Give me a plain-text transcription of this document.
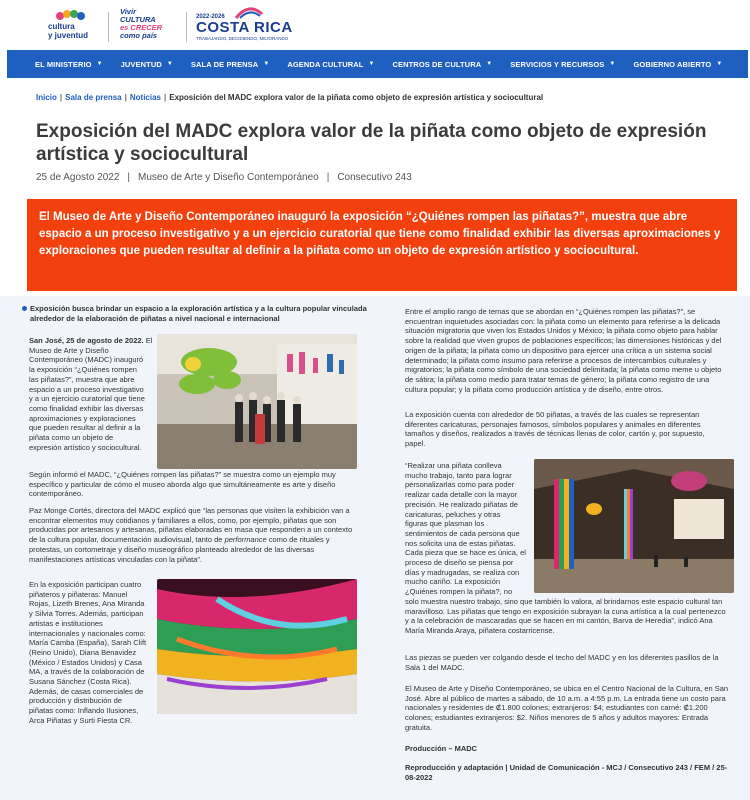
cultura
y juventud
Vivir
CULTURA
es CRECER
como país
2022-2026
COSTA RICA
TRABAJANDO, DECIDIENDO, MEJORANDO
EL MINISTERIO ▼ JUVENTUD ▼ SALA DE PRENSA ▼ AGENDA CULTURAL ▼ CENTROS DE CULTURA ▼ SERVICIOS Y RECURSOS ▼ GOBIERNO ABIERTO ▼
Inicio | Sala de prensa | Noticias | Exposición del MADC explora valor de la piñata como objeto de expresión artística y sociocultural
Exposición del MADC explora valor de la piñata como objeto de expresión artística y sociocultural
25 de Agosto 2022 | Museo de Arte y Diseño Contemporáneo | Consecutivo 243
El Museo de Arte y Diseño Contemporáneo inauguró la exposición “¿Quiénes rompen las piñatas?”, muestra que abre espacio a un proceso investigativo y a un ejercicio curatorial que tiene como finalidad exhibir las diversas aproximaciones y exploraciones que pueden resultar al definir a la piñata como un objeto de expresión artístico y sociocultural.
Exposición busca brindar un espacio a la exploración artística y a la cultura popular vinculada alrededor de la elaboración de piñatas a nivel nacional e internacional
San José, 25 de agosto de 2022. El
Museo de Arte y Diseño
Contemporáneo (MADC) inauguró
la exposición “¿Quiénes rompen
las piñatas?”, muestra que abre
espacio a un proceso investigativo
y a un ejercicio curatorial que tiene
como finalidad exhibir las diversas
aproximaciones y exploraciones
que pueden resultar al definir a la
piñata como un objeto de
expresión artístico y sociocultural.
Según informó el MADC, “¿Quiénes rompen las piñatas?” se muestra como un ejemplo muy específico y particular de cómo el museo aborda algo que simultáneamente es arte y diseño contemporáneo.
Paz Monge Cortés, directora del MADC explicó que “las personas que visiten la exhibición van a encontrar elementos muy cotidianos y familiares a ellos, como, por ejemplo, piñatas que son producidas por artesanos y artesanas, piñatas elaboradas en masa que responden a un contexto de la cultura popular, documentación audiovisual, tanto de performance como de rituales y protestas, un cortometraje y diseño museográfico planteado alrededor de las diversas manifestaciones artísticas vinculadas con la piñata”.
En la exposición participan cuatro
piñateros y piñateras: Manuel
Rojas, Lizeth Brenes, Ana Miranda
y Silvia Torres. Además, participan
artistas e instituciones
internacionales y nacionales como:
María Camba (España), Sarah Clift
(Reino Unido), Diana Benavidez
(México / Estados Unidos) y Casa
MA, a través de la colaboración de
Susana Sánchez (Costa Rica).
Además, de casas comerciales de
producción y distribución de
piñatas como: Inflando Ilusiones,
Arca Piñatas y Surti Fiesta CR.
Entre el amplio rango de temas que se abordan en “¿Quiénes rompen las piñatas?”, se encuentran inquietudes asociadas con: la piñata como un elemento para referirse a la delicada situación migratoria que viven los Estados Unidos y México; la piñata como objeto para hablar sobre la realidad que viven grupos de poblaciones específicos; las dimensiones históricas y del origen de la piñata; la piñata como un dispositivo para ejercer una crítica a un sistema social determinado; la piñata como insumo para referirse a procesos de intercambios culturales y migratorios; la piñata como símbolo de una sociedad delimitada; la piñata como meme u objeto de sátira; la piñata como medio para tratar temas de género; la piñata como registro de una cultura popular; y la piñata como producción artística y de diseño, entre otros.
La exposición cuenta con alrededor de 50 piñatas, a través de las cuales se representan diferentes caricaturas, personajes famosos, símbolos populares y animales en diferentes tamaños y diseños, realizados a través de técnicas llenas de color, cartón y, por supuesto, papel.
“Realizar una piñata conlleva
mucho trabajo, tanto para lograr
personalizarlas como para poder
realizar cada detalle con la mayor
precisión. He realizado piñatas de
caricaturas, peluches y otras
figuras que plasman los
sentimientos de cada persona que
nos solicita una de estas piñatas.
Cada pieza que se hace es única, el
proceso de diseño se piensa por
días y madrugadas, se realiza con
mucho cariño. La exposición
¿Quiénes rompen la piñata?, no
solo muestra nuestro trabajo, sino que también lo valora, al brindarnos este espacio cultural tan maravilloso. Las piñatas que tengo en exposición subrayan la cuna artística a la cual pertenezco y a la celebración de mascaradas que se hacen en mi cantón, Barva de Heredia”, indicó Ana María Miranda Araya, piñatera costarricense.
Las piezas se pueden ver colgando desde el techo del MADC y en los diferentes pasillos de la Sala 1 del MADC.
El Museo de Arte y Diseño Contemporáneo, se ubica en el Centro Nacional de la Cultura, en San José. Abre al público de martes a sábado, de 10 a.m. a 4:55 p.m. La entrada tiene un costo para nacionales y residentes de ₡1.800 colones; extranjeros: $4; estudiantes con carné: ₡1.200 colones; estudiantes extranjeros: $2. Niños menores de 5 años y adultos mayores: Entrada gratuita.
Producción – MADC
Reproducción y adaptación | Unidad de Comunicación - MCJ / Consecutivo 243 / FEM / 25-08-2022
